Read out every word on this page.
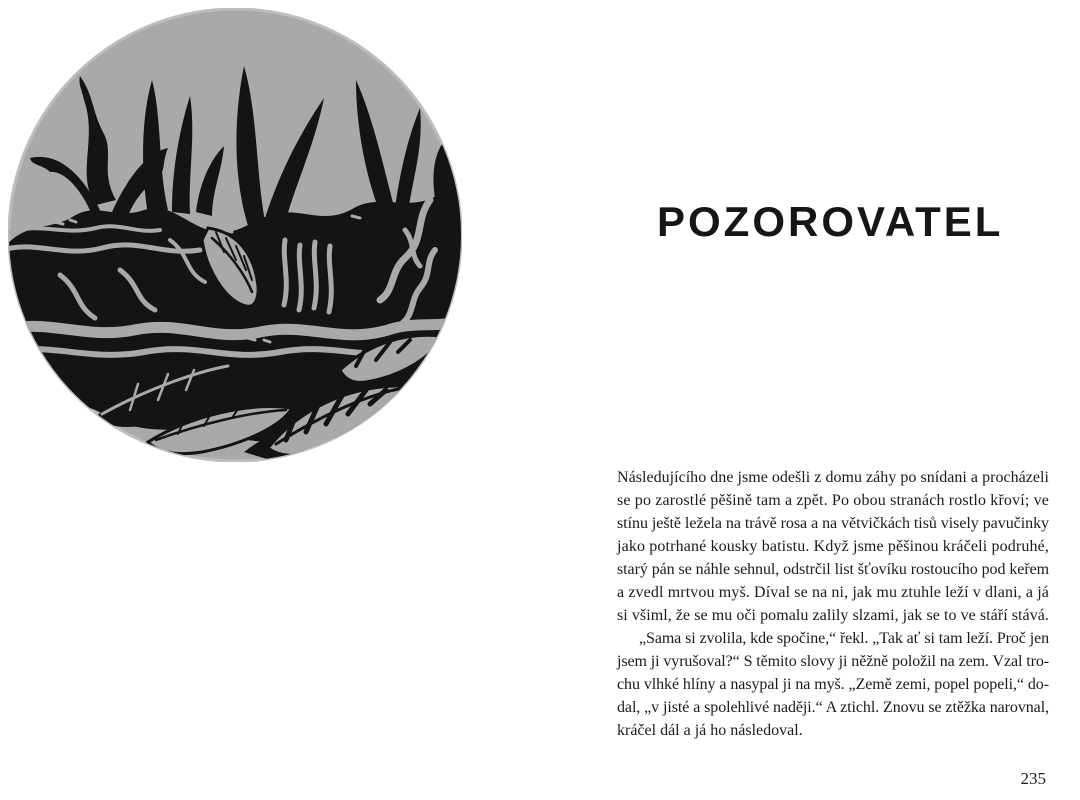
POZOROVATEL
Následujícího dne jsme odešli z domu záhy po snídani a procházeli
se po zarostlé pěšině tam a zpět. Po obou stranách rostlo křoví; ve
stínu ještě ležela na trávě rosa a na větvičkách tisů visely pavučinky
jako potrhané kousky batistu. Když jsme pěšinou kráčeli podruhé,
starý pán se náhle sehnul, odstrčil list šťovíku rostoucího pod keřem
a zvedl mrtvou myš. Díval se na ni, jak mu ztuhle leží v dlani, a já
si všiml, že se mu oči pomalu zalily slzami, jak se to ve stáří stává.
„Sama si zvolila, kde spočine,“ řekl. „Tak ať si tam leží. Proč jen
jsem ji vyrušoval?“ S těmito slovy ji něžně položil na zem. Vzal tro-
chu vlhké hlíny a nasypal ji na myš. „Země zemi, popel popeli,“ do-
dal, „v jisté a spolehlivé naději.“ A ztichl. Znovu se ztěžka narovnal,
kráčel dál a já ho následoval.
235
